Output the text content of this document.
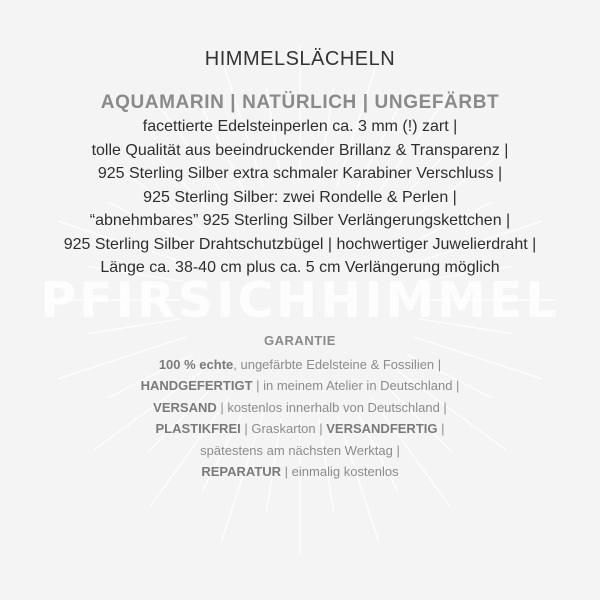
PFIRSICHHIMMEL
HIMMELSLÄCHELN
AQUAMARIN | NATÜRLICH | UNGEFÄRBT
facettierte Edelsteinperlen ca. 3 mm (!) zart |
tolle Qualität aus beeindruckender Brillanz & Transparenz |
925 Sterling Silber extra schmaler Karabiner Verschluss |
925 Sterling Silber: zwei Rondelle & Perlen |
“abnehmbares” 925 Sterling Silber Verlängerungskettchen |
925 Sterling Silber Drahtschutzbügel | hochwertiger Juwelierdraht |
Länge ca. 38-40 cm plus ca. 5 cm Verlängerung möglich
GARANTIE
100 % echte, ungefärbte Edelsteine & Fossilien |
HANDGEFERTIGT | in meinem Atelier in Deutschland |
VERSAND | kostenlos innerhalb von Deutschland |
PLASTIKFREI | Graskarton | VERSANDFERTIG |
spätestens am nächsten Werktag |
REPARATUR | einmalig kostenlos
